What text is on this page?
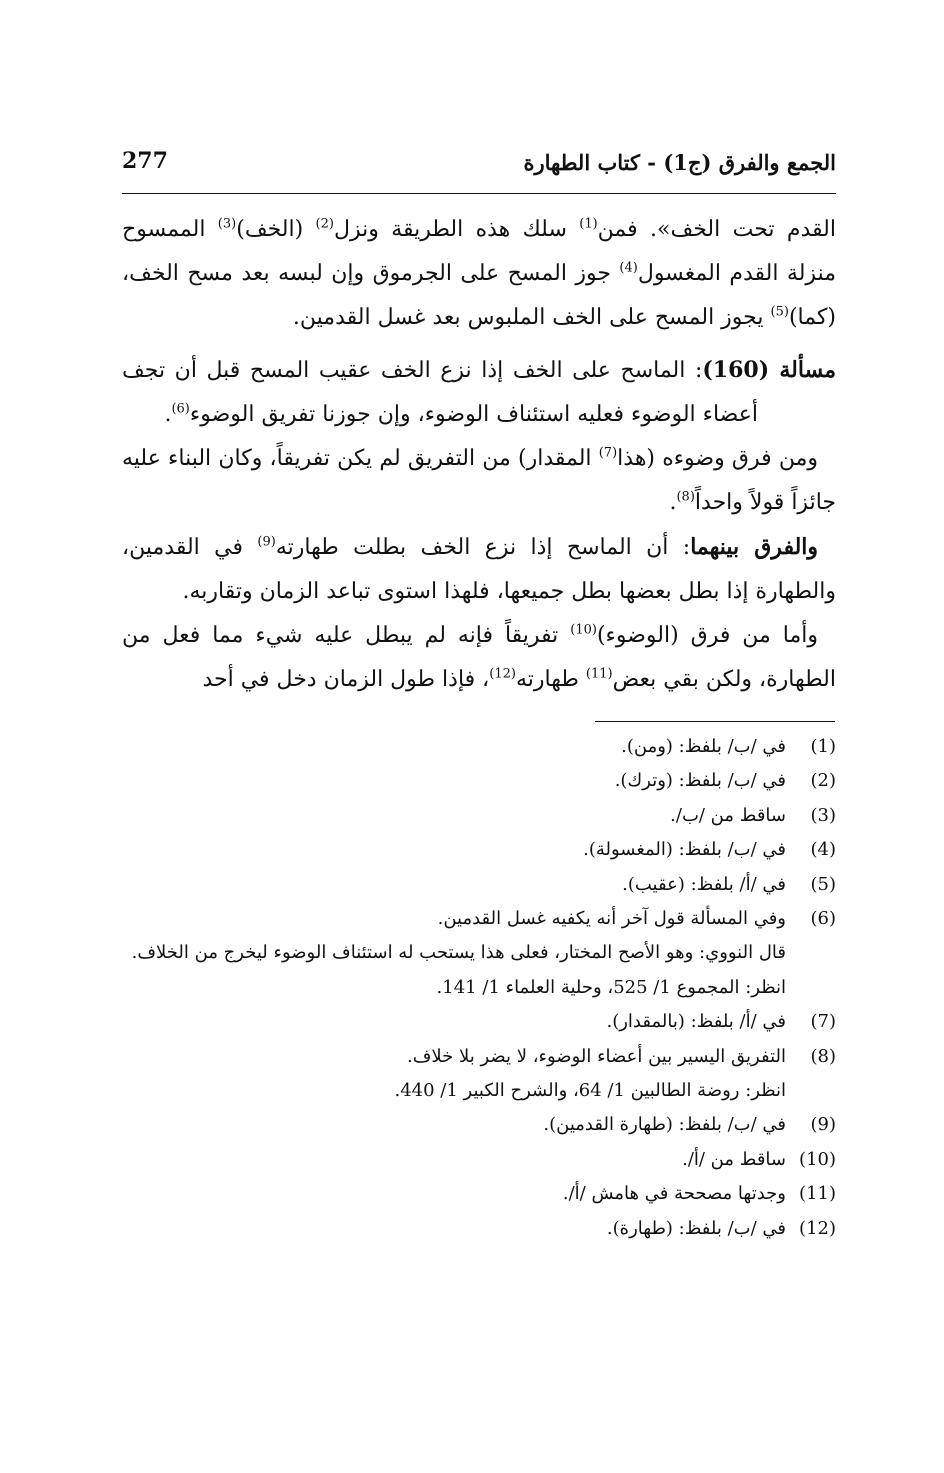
الجمع والفرق (ج1) - كتاب الطهارة
277

القدم تحت الخف». فمن$^{(1)}$ سلك هذه الطريقة ونزل$^{(2)}$ (الخف)$^{(3)}$ الممسوح منزلة القدم المغسول$^{(4)}$ جوز المسح على الجرموق وإن لبسه بعد مسح الخف، (كما)$^{(5)}$ يجوز المسح على الخف الملبوس بعد غسل القدمين.

مسألة (160): الماسح على الخف إذا نزع الخف عقيب المسح قبل أن تجف أعضاء الوضوء فعليه استئناف الوضوء، وإن جوزنا تفريق الوضوء$^{(6)}$.

ومن فرق وضوءه (هذا$^{(7)}$ المقدار) من التفريق لم يكن تفريقاً، وكان البناء عليه جائزاً قولاً واحداً$^{(8)}$.

والفرق بينهما: أن الماسح إذا نزع الخف بطلت طهارته$^{(9)}$ في القدمين، والطهارة إذا بطل بعضها بطل جميعها، فلهذا استوى تباعد الزمان وتقاربه.

وأما من فرق (الوضوء)$^{(10)}$ تفريقاً فإنه لم يبطل عليه شيء مما فعل من الطهارة، ولكن بقي بعض$^{(11)}$ طهارته$^{(12)}$، فإذا طول الزمان دخل في أحد

(1)
في /ب/ بلفظ: (ومن).
(2)
في /ب/ بلفظ: (وترك).
(3)
ساقط من /ب/.
(4)
في /ب/ بلفظ: (المغسولة).
(5)
في /أ/ بلفظ: (عقيب).
(6)
وفي المسألة قول آخر أنه يكفيه غسل القدمين.
قال النووي: وهو الأصح المختار، فعلى هذا يستحب له استئناف الوضوء ليخرج من الخلاف.
انظر: المجموع 1/ 525، وحلية العلماء 1/ 141.
(7)
في /أ/ بلفظ: (بالمقدار).
(8)
التفريق اليسير بين أعضاء الوضوء، لا يضر بلا خلاف.
انظر: روضة الطالبين 1/ 64، والشرح الكبير 1/ 440.
(9)
في /ب/ بلفظ: (طهارة القدمين).
(10)
ساقط من /أ/.
(11)
وجدتها مصححة في هامش /أ/.
(12)
في /ب/ بلفظ: (طهارة).
